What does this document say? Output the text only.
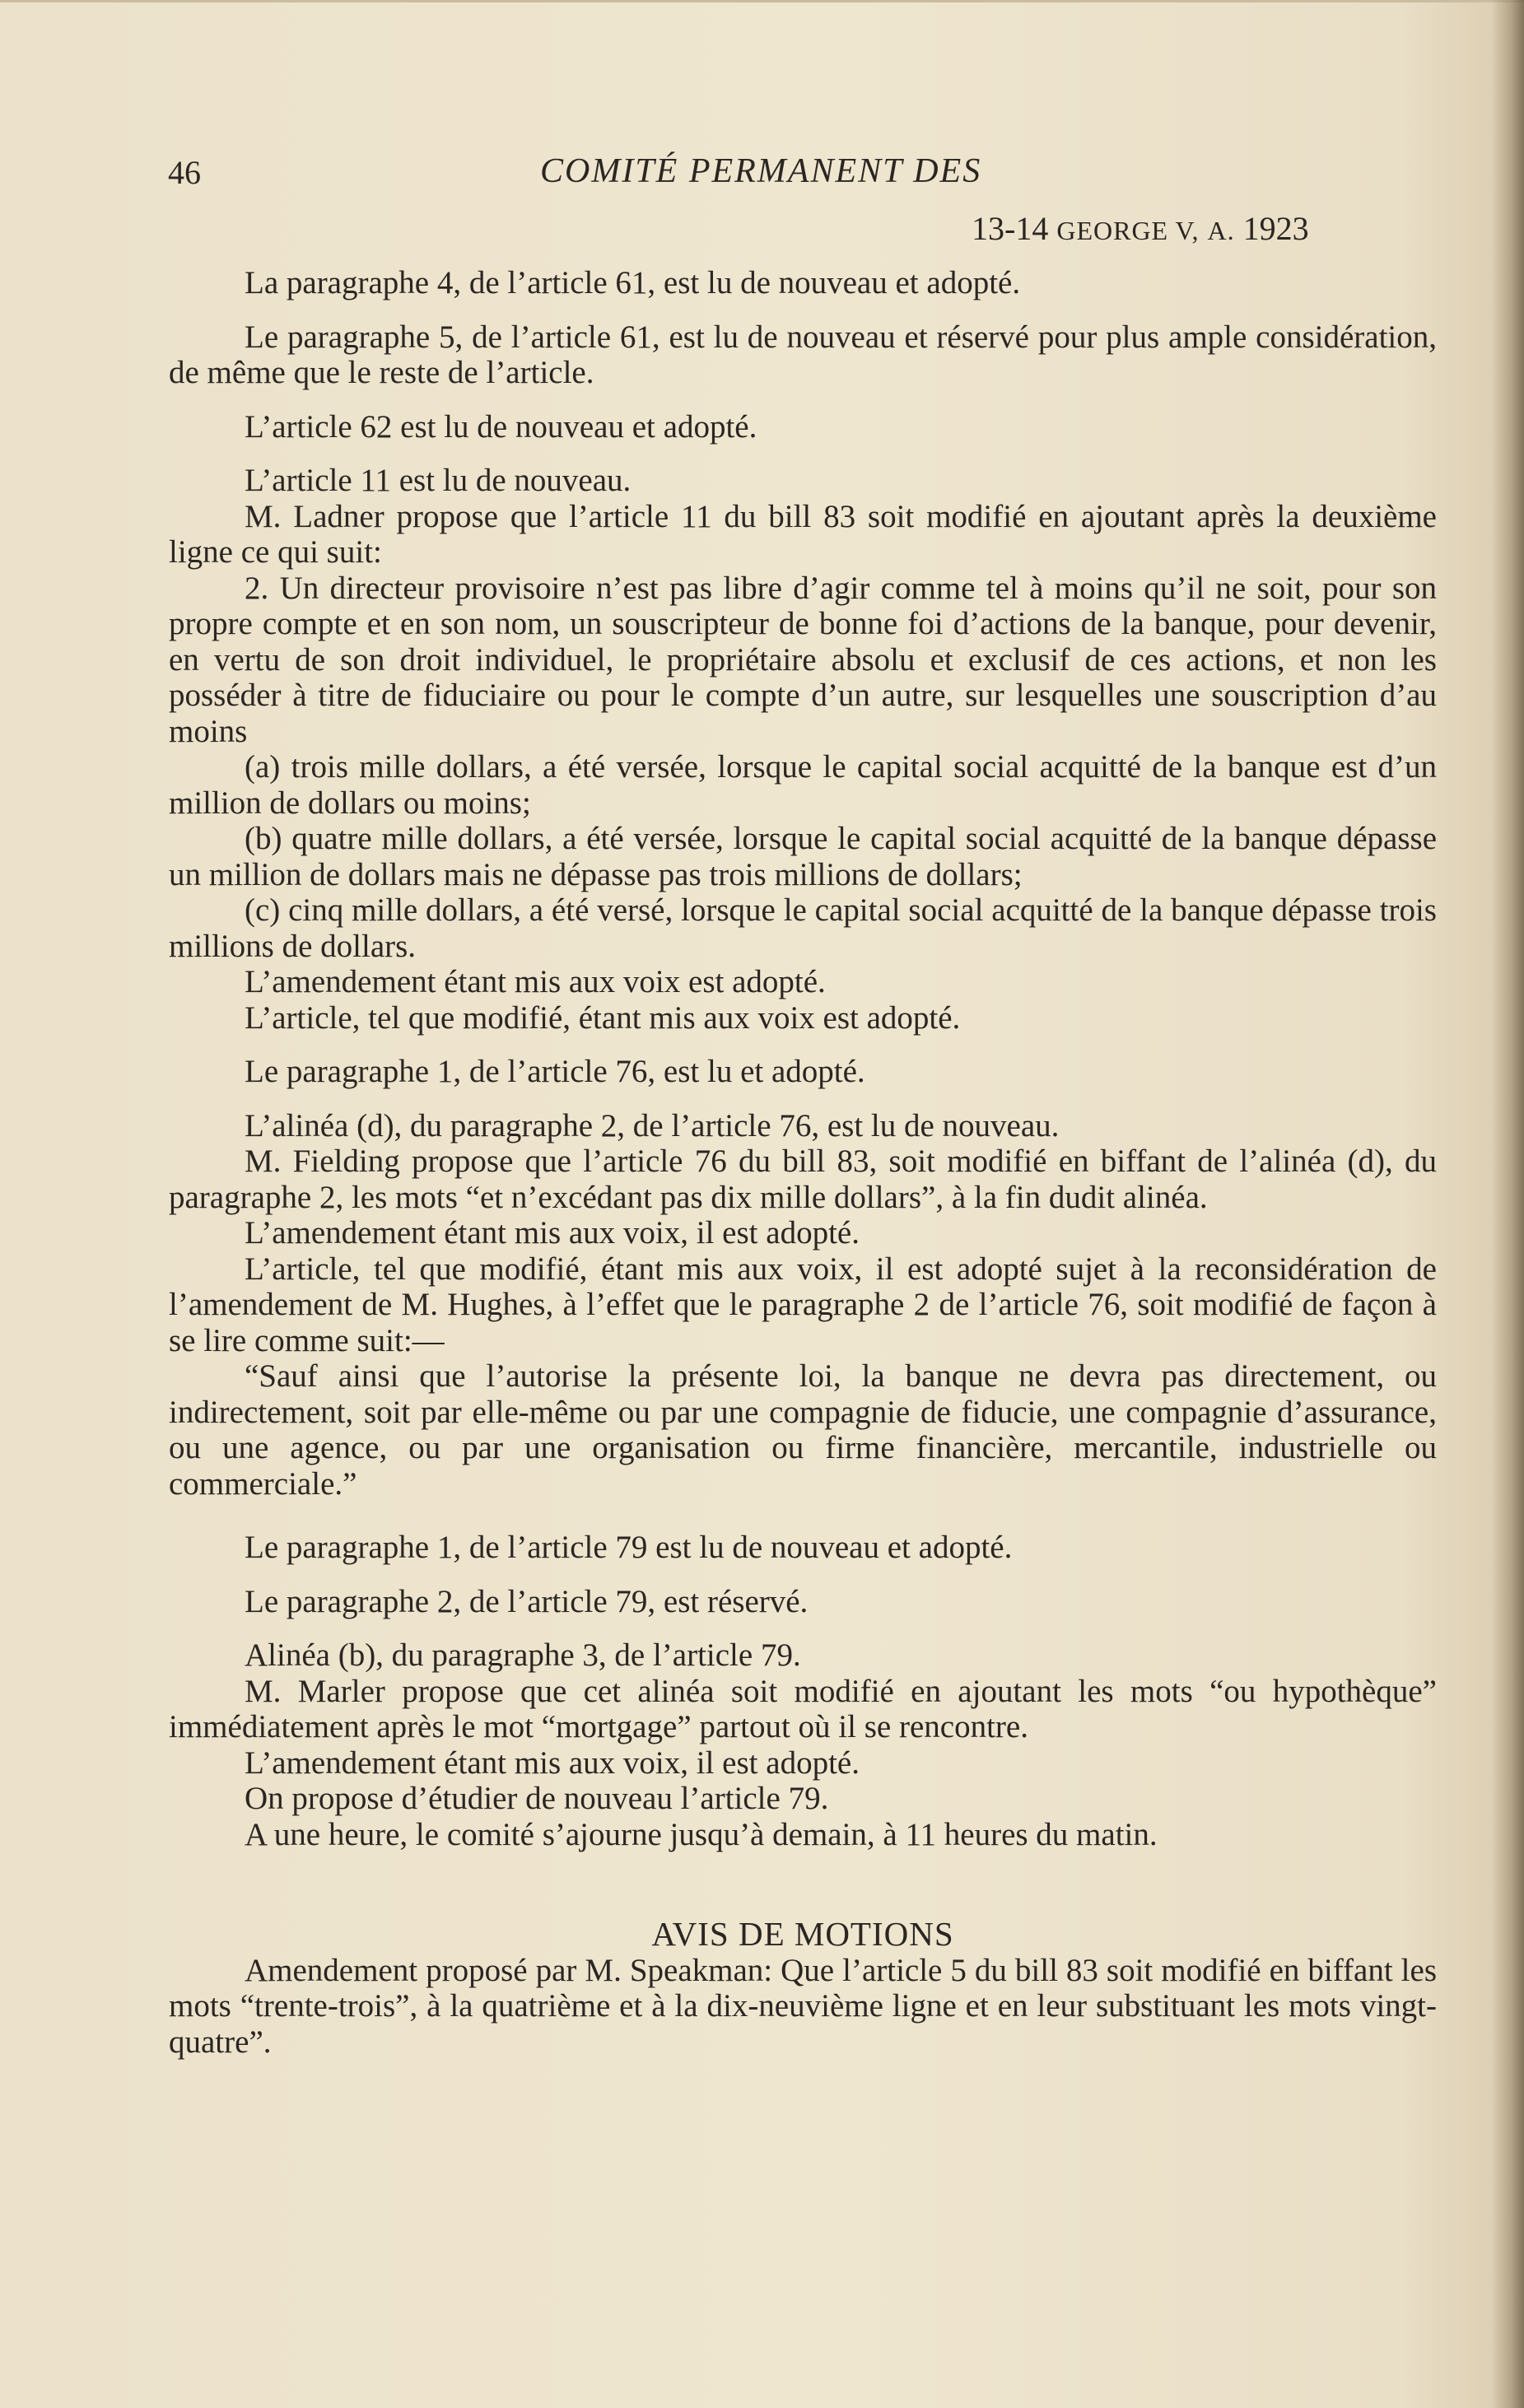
46	COMITÉ PERMANENT DES
13-14 GEORGE V, A. 1923

La paragraphe 4, de l’article 61, est lu de nouveau et adopté.

Le paragraphe 5, de l’article 61, est lu de nouveau et réservé pour plus ample considération, de même que le reste de l’article.

L’article 62 est lu de nouveau et adopté.

L’article 11 est lu de nouveau.

M. Ladner propose que l’article 11 du bill 83 soit modifié en ajoutant après la deuxième ligne ce qui suit:

2. Un directeur provisoire n’est pas libre d’agir comme tel à moins qu’il ne soit, pour son propre compte et en son nom, un souscripteur de bonne foi d’actions de la banque, pour devenir, en vertu de son droit individuel, le propriétaire absolu et exclusif de ces actions, et non les posséder à titre de fiduciaire ou pour le compte d’un autre, sur lesquelles une souscription d’au moins

(a) trois mille dollars, a été versée, lorsque le capital social acquitté de la banque est d’un million de dollars ou moins;

(b) quatre mille dollars, a été versée, lorsque le capital social acquitté de la banque dépasse un million de dollars mais ne dépasse pas trois millions de dollars;

(c) cinq mille dollars, a été versé, lorsque le capital social acquitté de la banque dépasse trois millions de dollars.

L’amendement étant mis aux voix est adopté.

L’article, tel que modifié, étant mis aux voix est adopté.

Le paragraphe 1, de l’article 76, est lu et adopté.

L’alinéa (d), du paragraphe 2, de l’article 76, est lu de nouveau.

M. Fielding propose que l’article 76 du bill 83, soit modifié en biffant de l’alinéa (d), du paragraphe 2, les mots “et n’excédant pas dix mille dollars”, à la fin dudit alinéa.

L’amendement étant mis aux voix, il est adopté.

L’article, tel que modifié, étant mis aux voix, il est adopté sujet à la reconsidération de l’amendement de M. Hughes, à l’effet que le paragraphe 2 de l’article 76, soit modifié de façon à se lire comme suit:—

“Sauf ainsi que l’autorise la présente loi, la banque ne devra pas directement, ou indirectement, soit par elle-même ou par une compagnie de fiducie, une compagnie d’assurance, ou une agence, ou par une organisation ou firme financière, mercantile, industrielle ou commerciale.”

Le paragraphe 1, de l’article 79 est lu de nouveau et adopté.

Le paragraphe 2, de l’article 79, est réservé.

Alinéa (b), du paragraphe 3, de l’article 79.

M. Marler propose que cet alinéa soit modifié en ajoutant les mots “ou hypothèque” immédiatement après le mot “mortgage” partout où il se rencontre.

L’amendement étant mis aux voix, il est adopté.

On propose d’étudier de nouveau l’article 79.

A une heure, le comité s’ajourne jusqu’à demain, à 11 heures du matin.

AVIS DE MOTIONS

Amendement proposé par M. Speakman: Que l’article 5 du bill 83 soit modifié en biffant les mots “trente-trois”, à la quatrième et à la dix-neuvième ligne et en leur substituant les mots vingt-quatre”.
